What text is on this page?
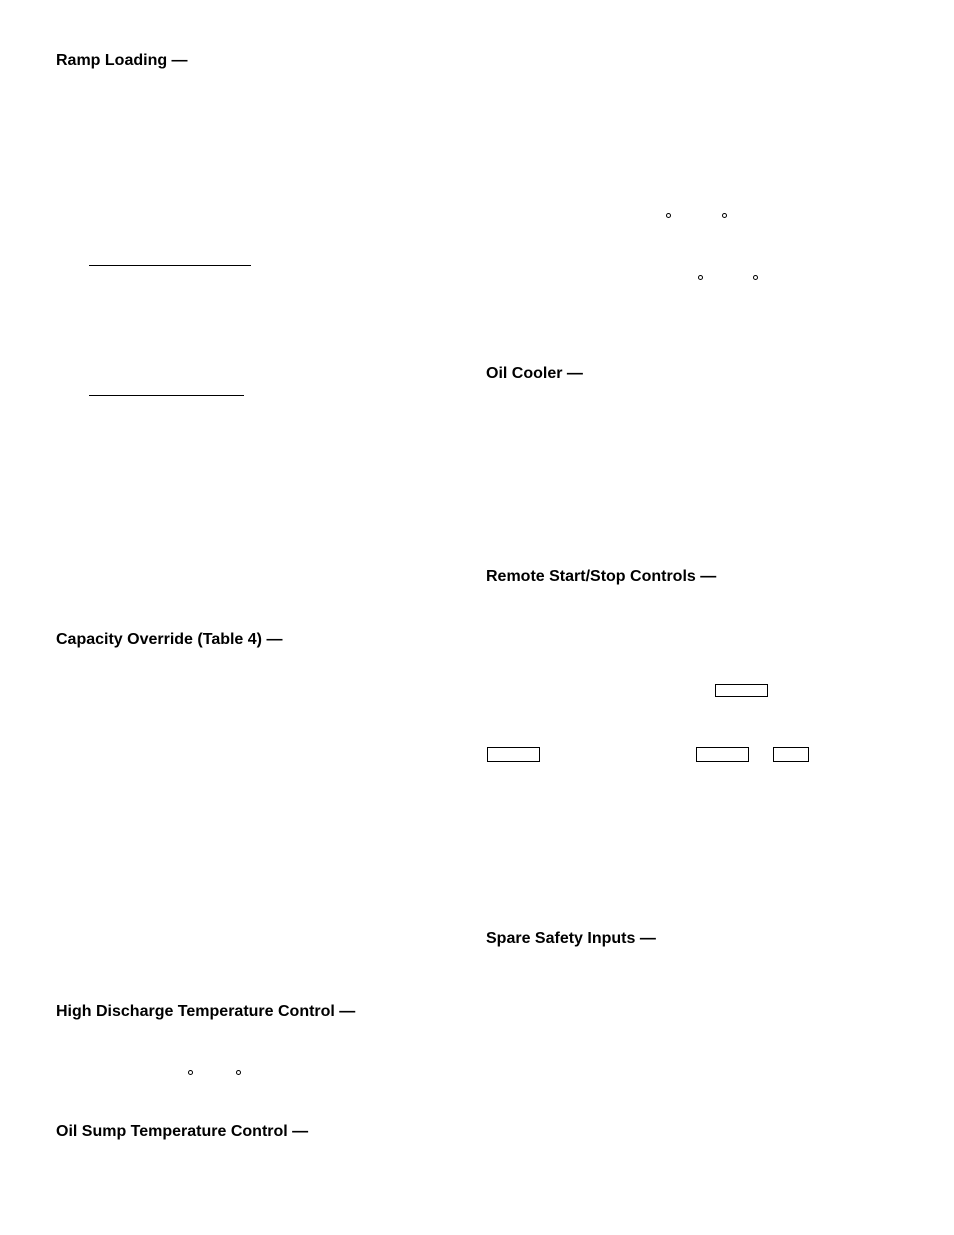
Ramp Loading —
Capacity Override (Table 4) —
High Discharge Temperature Control —
Oil Sump Temperature Control —
Oil Cooler —
Remote Start/Stop Controls —
Spare Safety Inputs —
